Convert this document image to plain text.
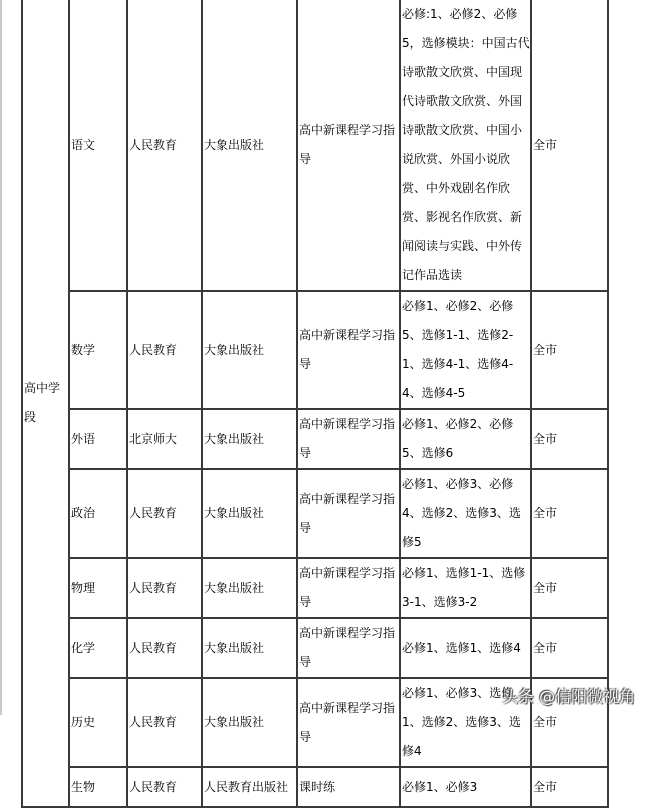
高中学段	语文	人民教育	大象出版社	高中新课程学习指导	必修:1、必修2、必修5，选修模块：中国古代诗歌散文欣赏、中国现代诗歌散文欣赏、外国诗歌散文欣赏、中国小说欣赏、外国小说欣赏、中外戏剧名作欣赏、影视名作欣赏、新闻阅读与实践、中外传记作品选读	全市
	数学	人民教育	大象出版社	高中新课程学习指导	必修1、必修2、必修5、选修1-1、选修2-1、选修4-1、选修4-4、选修4-5	全市
	外语	北京师大	大象出版社	高中新课程学习指导	必修1、必修2、必修5、选修6	全市
	政治	人民教育	大象出版社	高中新课程学习指导	必修1、必修3、必修4、选修2、选修3、选修5	全市
	物理	人民教育	大象出版社	高中新课程学习指导	必修1、选修1-1、选修3-1、选修3-2	全市
	化学	人民教育	大象出版社	高中新课程学习指导	必修1、选修1、选修4	全市
	历史	人民教育	大象出版社	高中新课程学习指导	必修1、必修3、选修1、选修2、选修3、选修4	全市
	生物	人民教育	人民教育出版社	课时练	必修1、必修3	全市
头条 @信阳微视角
